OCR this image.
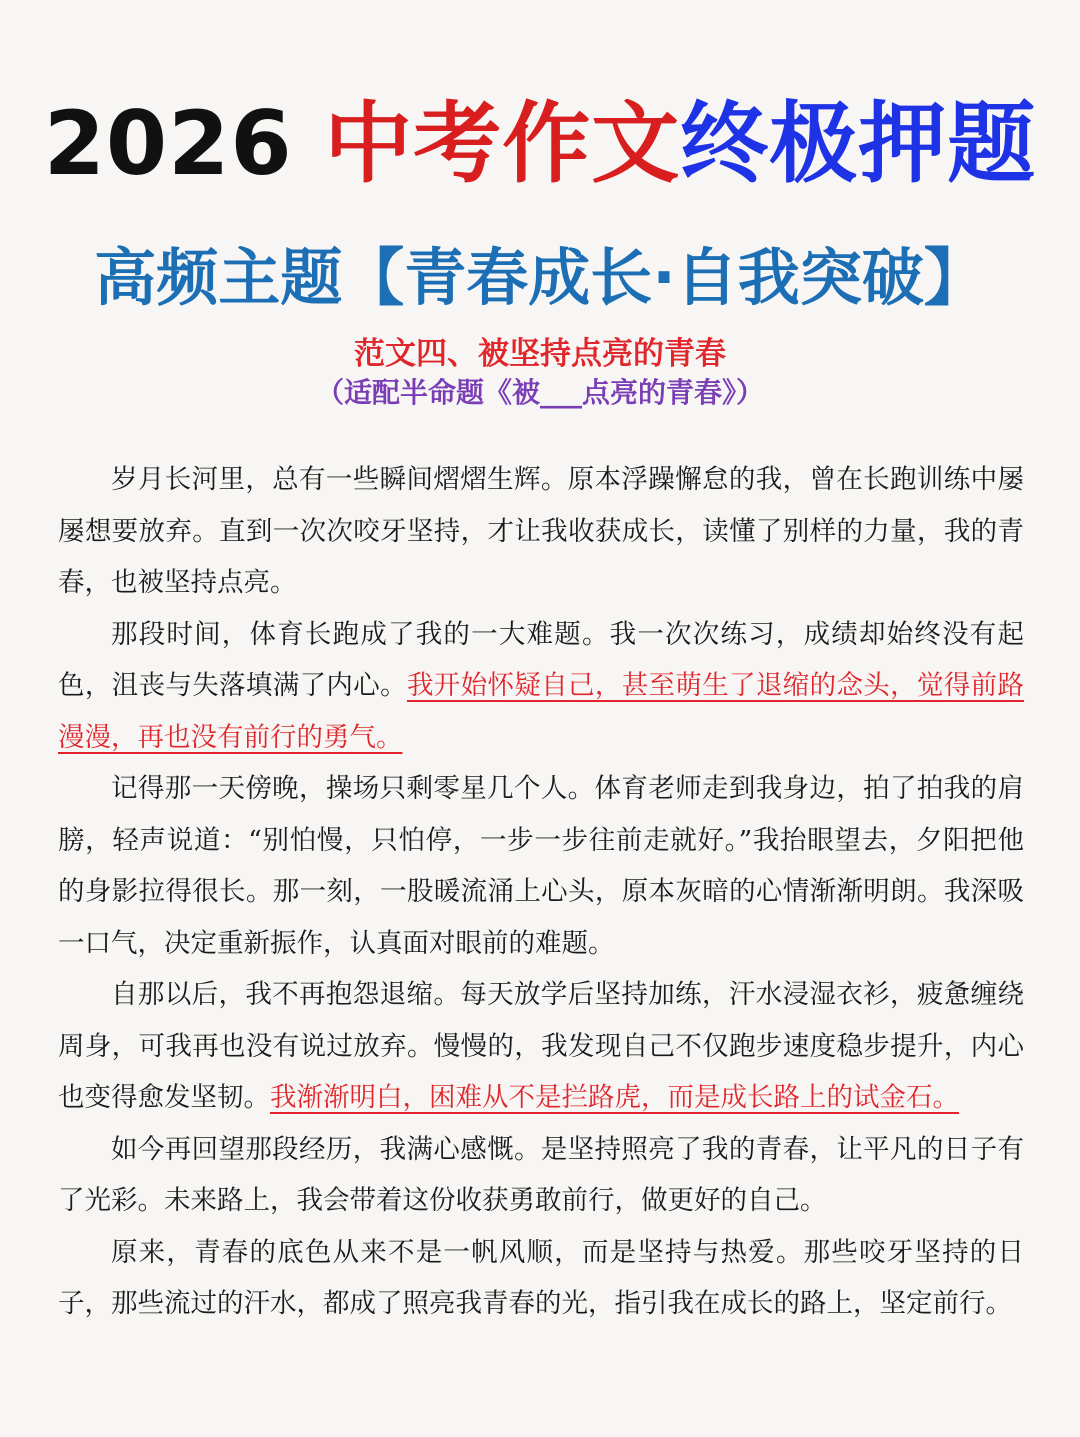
2026 中考作文终极押题
高频主题【青春成长·自我突破】
范文四、被坚持点亮的青春
（适配半命题《被___点亮的青春》）

岁月长河里，总有一些瞬间熠熠生辉。原本浮躁懈怠的我，曾在长跑训练中屡屡想要放弃。直到一次次咬牙坚持，才让我收获成长，读懂了别样的力量，我的青春，也被坚持点亮。

那段时间，体育长跑成了我的一大难题。我一次次练习，成绩却始终没有起色，沮丧与失落填满了内心。我开始怀疑自己，甚至萌生了退缩的念头，觉得前路漫漫，再也没有前行的勇气。

记得那一天傍晚，操场只剩零星几个人。体育老师走到我身边，拍了拍我的肩膀，轻声说道：“别怕慢，只怕停，一步一步往前走就好。”我抬眼望去，夕阳把他的身影拉得很长。那一刻，一股暖流涌上心头，原本灰暗的心情渐渐明朗。我深吸一口气，决定重新振作，认真面对眼前的难题。

自那以后，我不再抱怨退缩。每天放学后坚持加练，汗水浸湿衣衫，疲惫缠绕周身，可我再也没有说过放弃。慢慢的，我发现自己不仅跑步速度稳步提升，内心也变得愈发坚韧。我渐渐明白，困难从不是拦路虎，而是成长路上的试金石。

如今再回望那段经历，我满心感慨。是坚持照亮了我的青春，让平凡的日子有了光彩。未来路上，我会带着这份收获勇敢前行，做更好的自己。

原来，青春的底色从来不是一帆风顺，而是坚持与热爱。那些咬牙坚持的日子，那些流过的汗水，都成了照亮我青春的光，指引我在成长的路上，坚定前行。
